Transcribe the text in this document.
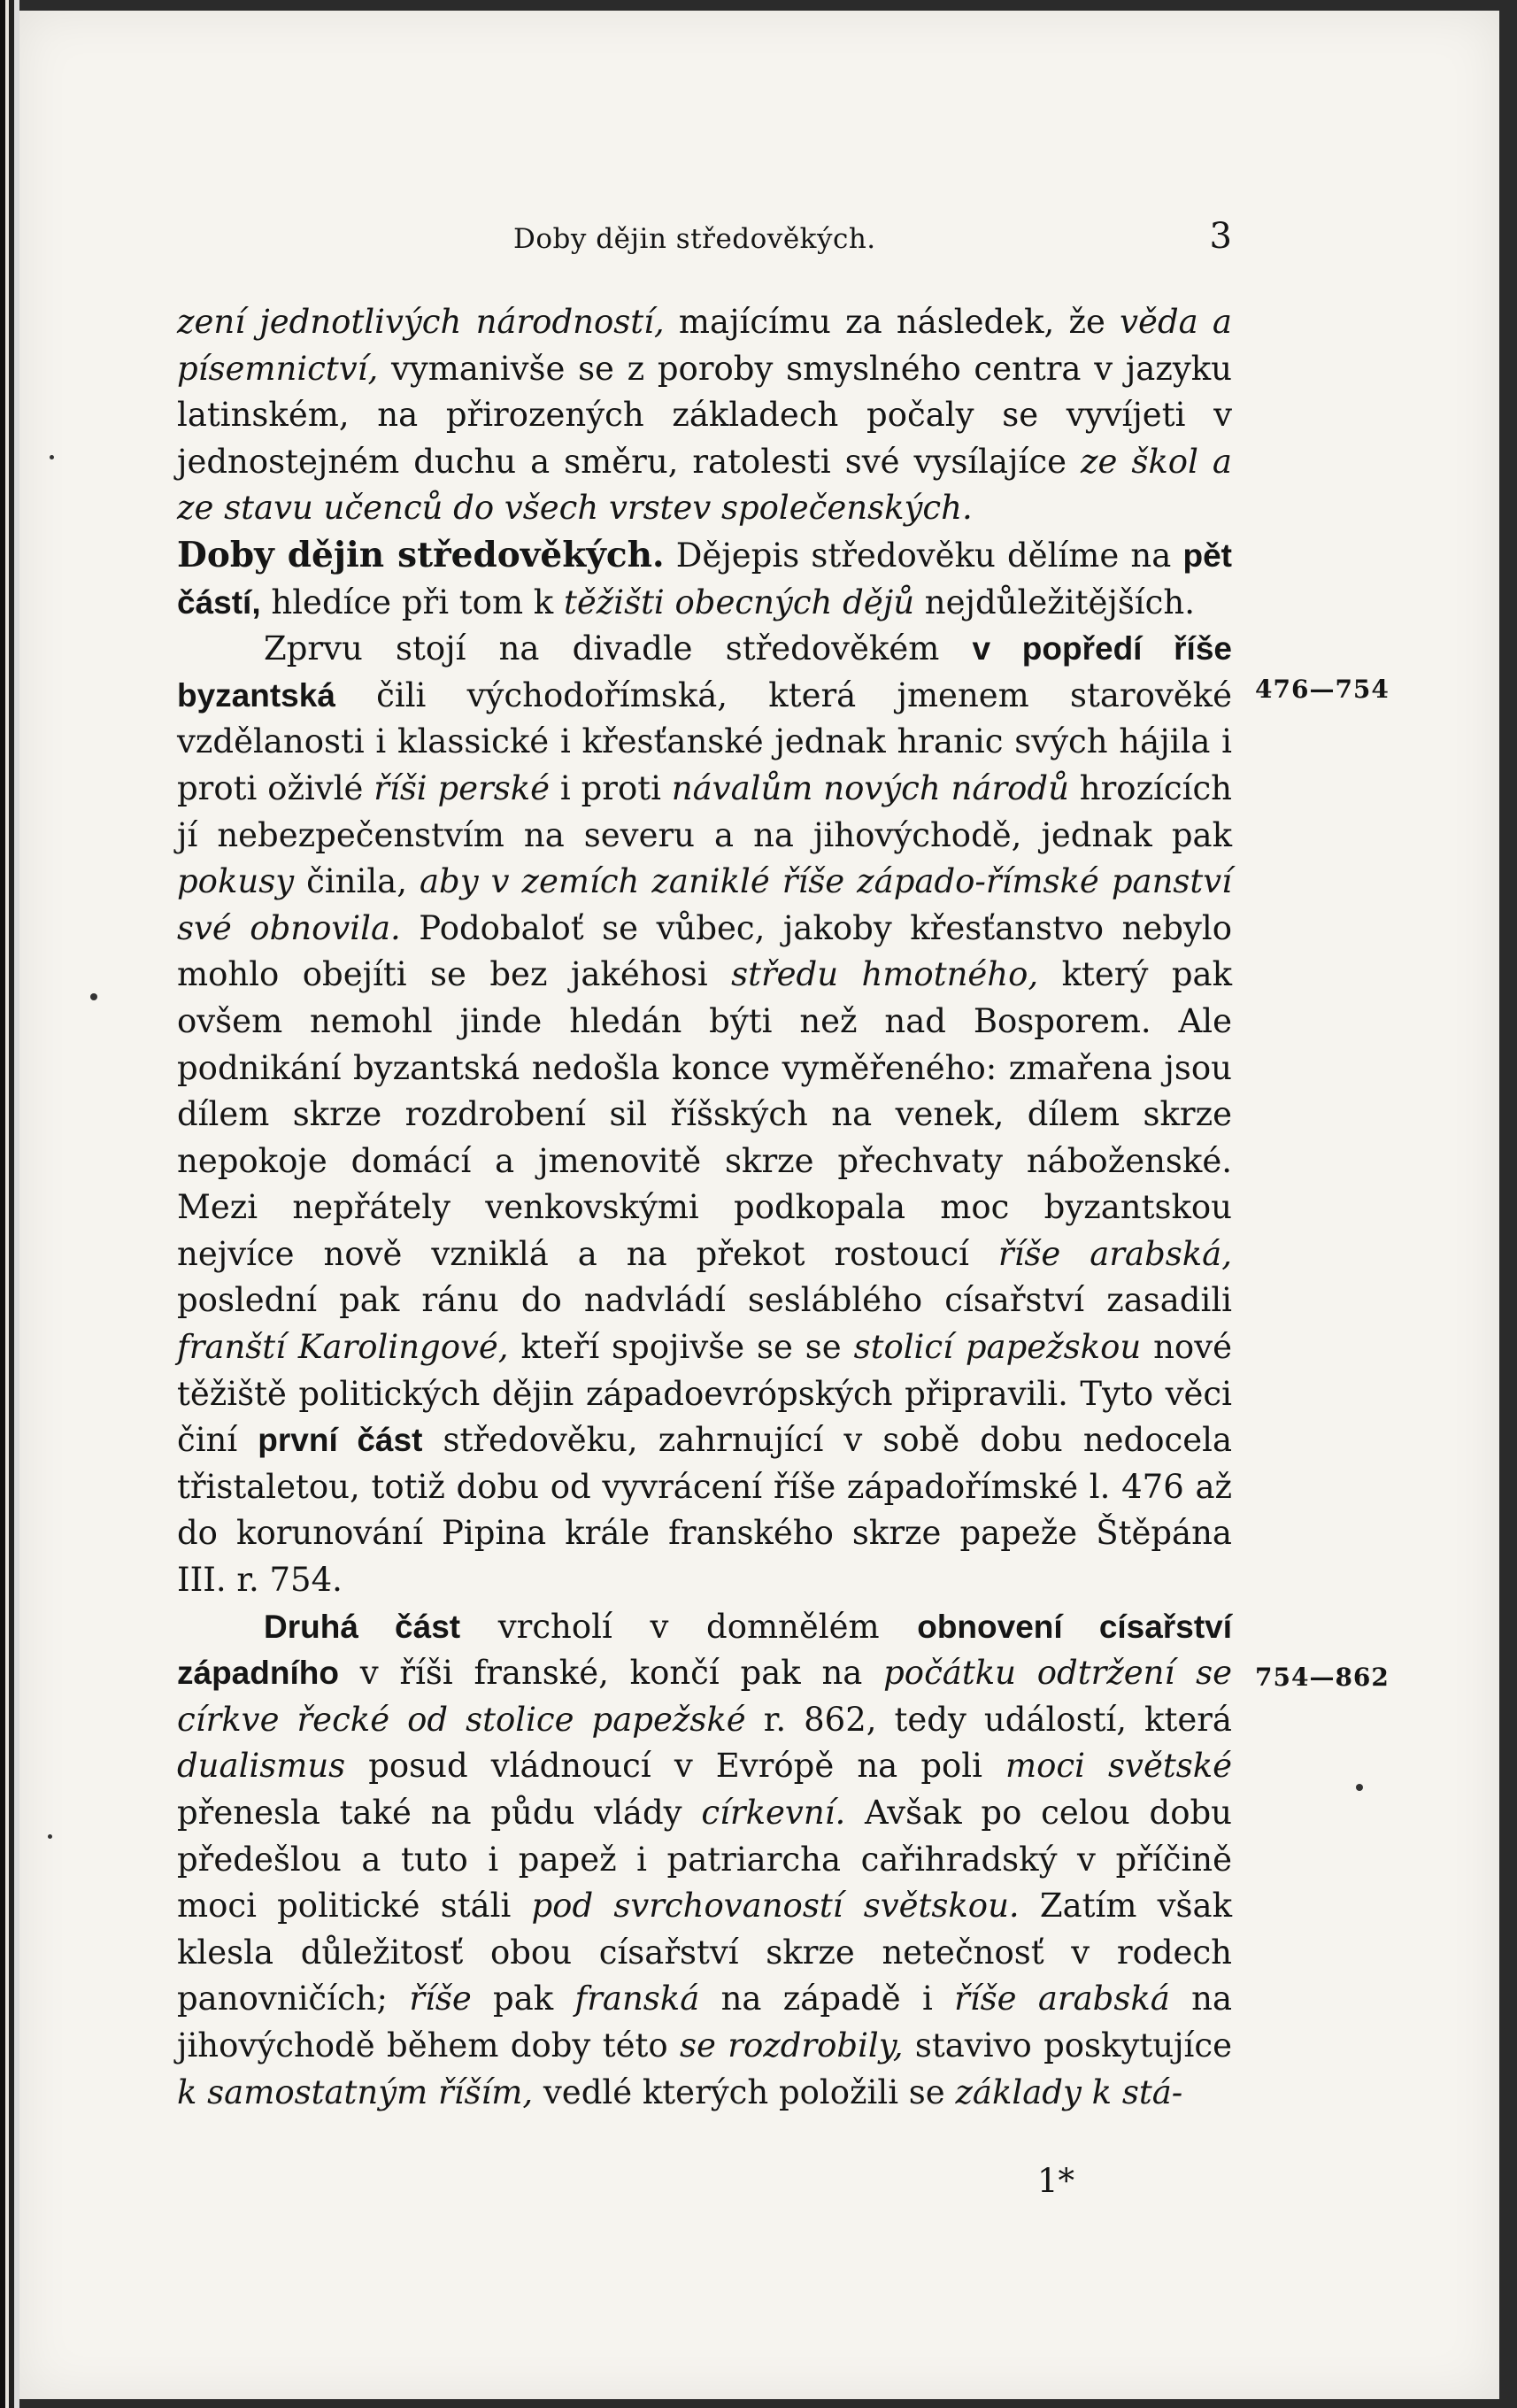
Doby dějin středověkých.	3

zení jednotlivých národností, majícímu za následek, že věda a písemnictví, vymanivše se z poroby smyslného centra v jazyku latinském, na přirozených základech počaly se vyvíjeti v jednostejném duchu a směru, ratolesti své vysílajíce ze škol a ze stavu učenců do všech vrstev společenských.

Doby dějin středověkých. Dějepis středověku dělíme na pět částí, hledíce při tom k těžišti obecných dějů nejdůležitějších.

Zprvu stojí na divadle středověkém v popředí říše byzantská čili východořímská, která jmenem starověké vzdělanosti i klassické i křesťanské jednak hranic svých hájila i proti oživlé říši perské i proti návalům nových národů hrozících jí nebezpečenstvím na severu a na jihovýchodě, jednak pak pokusy činila, aby v zemích zaniklé říše západo-římské panství své obnovila. Podobaloť se vůbec, jakoby křesťanstvo nebylo mohlo obejíti se bez jakéhosi středu hmotného, který pak ovšem nemohl jinde hledán býti než nad Bosporem. Ale podnikání byzantská nedošla konce vyměřeného: zmařena jsou dílem skrze rozdrobení sil říšských na venek, dílem skrze nepokoje domácí a jmenovitě skrze přechvaty náboženské. Mezi nepřátely venkovskými podkopala moc byzantskou nejvíce nově vzniklá a na překot rostoucí říše arabská, poslední pak ránu do nadvládí sesláblého císařství zasadili franští Karolingové, kteří spojivše se se stolicí papežskou nové těžiště politických dějin západoevrópských připravili. Tyto věci činí první část středověku, zahrnující v sobě dobu nedocela třistaletou, totiž dobu od vyvrácení říše západořímské l. 476 až do korunování Pipina krále franského skrze papeže Štěpána III. r. 754.

Druhá část vrcholí v domnělém obnovení císařství západního v říši franské, končí pak na počátku odtržení se církve řecké od stolice papežské r. 862, tedy událostí, která dualismus posud vládnoucí v Evrópě na poli moci světské přenesla také na půdu vlády církevní. Avšak po celou dobu předešlou a tuto i papež i patriarcha cařihradský v příčině moci politické stáli pod svrchovaností světskou. Zatím však klesla důležitosť obou císařství skrze netečnosť v rodech panovničích; říše pak franská na západě i říše arabská na jihovýchodě během doby této se rozdrobily, stavivo poskytujíce k samostatným říším, vedlé kterých položili se základy k stá-

476—754
754—862
1*
